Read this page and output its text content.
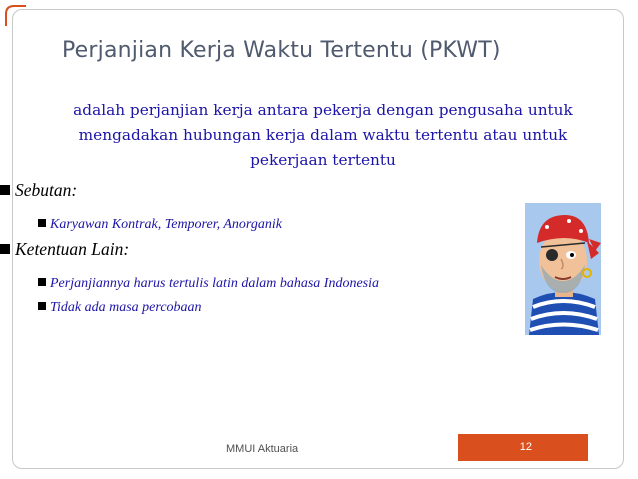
Perjanjian Kerja Waktu Tertentu (PKWT)
adalah perjanjian kerja antara pekerja dengan pengusaha untuk
mengadakan hubungan kerja dalam waktu tertentu atau untuk
pekerjaan tertentu
Sebutan:
Karyawan Kontrak, Temporer, Anorganik
Ketentuan Lain:
Perjanjiannya harus tertulis latin dalam bahasa Indonesia
Tidak ada masa percobaan
MMUI Aktuaria	12
